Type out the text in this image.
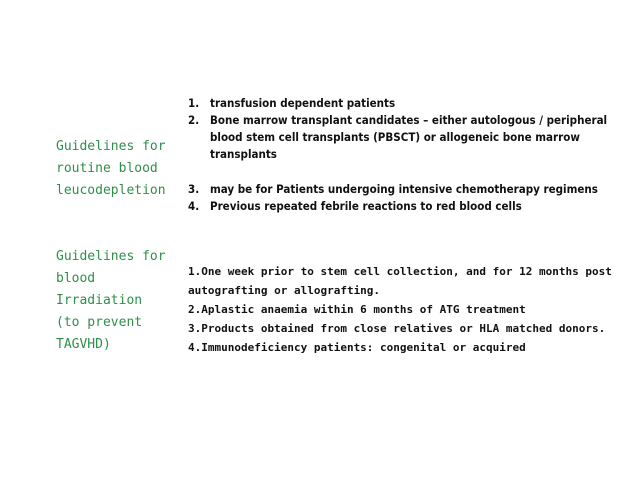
Guidelines for
routine blood
leucodepletion
1. transfusion dependent patients
2. Bone marrow transplant candidates – either autologous / peripheral blood stem cell transplants (PBSCT) or allogeneic bone marrow transplants
3. may be for Patients undergoing intensive chemotherapy regimens
4. Previous repeated febrile reactions to red blood cells
Guidelines for
blood Irradiation
(to prevent
TAGVHD)
1.One week prior to stem cell collection, and for 12 months post
autografting or allografting.
2.Aplastic anaemia within 6 months of ATG treatment
3.Products obtained from close relatives or HLA matched donors.
4.Immunodeficiency patients: congenital or acquired
